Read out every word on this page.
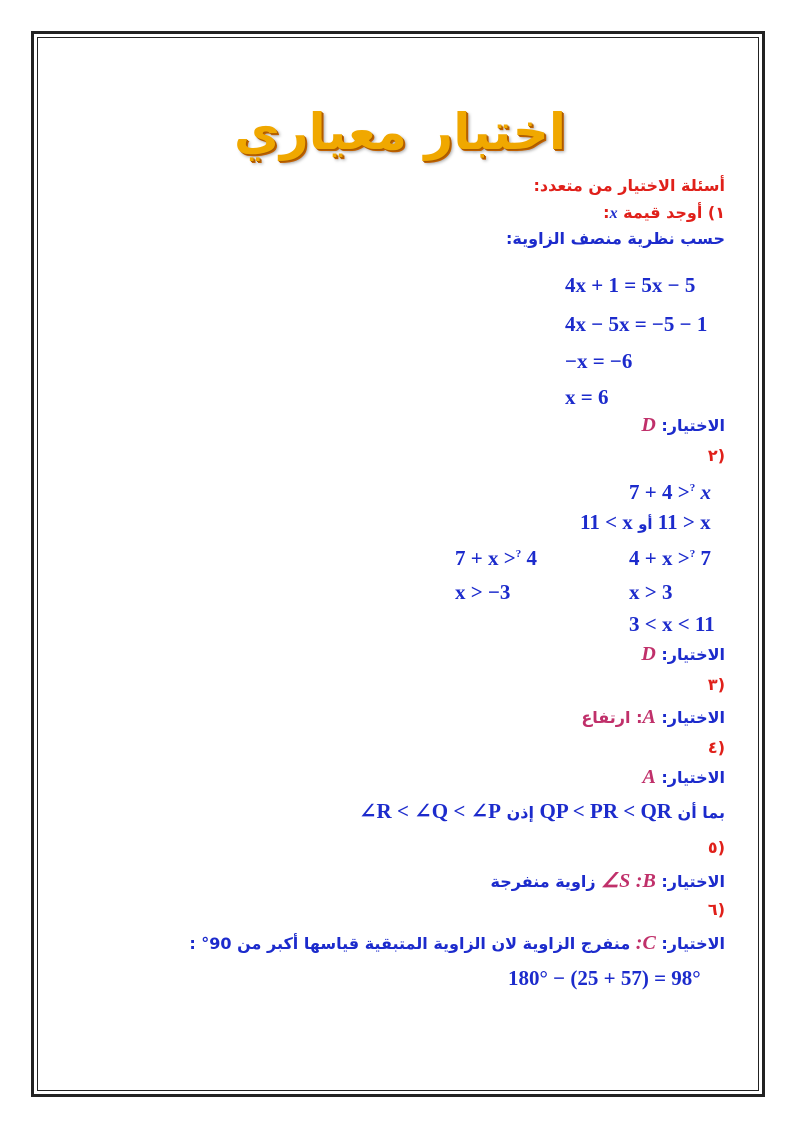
اختبار معياري
أسئلة الاختيار من متعدد:
١) أوجد قيمة x:
حسب نظرية منصف الزاوية:
4x + 1 = 5x − 5
4x − 5x = −5 − 1
−x = −6
x = 6
الاختيار: D
٢)
7 + 4 >? x
11 < x أو 11 > x
7 + x >? 4	4 + x >? 7
x > −3	x > 3
3 < x < 11
الاختيار: D
٣)
الاختيار: A: ارتفاع
٤)
الاختيار: A
بما أن QP < PR < QR إذن ∠R < ∠Q < ∠P
٥)
الاختيار: B: ∠S زاوية منفرجة
٦)
الاختيار: C: منفرج الزاوية لان الزاوية المتبقية قياسها أكبر من 90° :
180° − (25 + 57) = 98°
